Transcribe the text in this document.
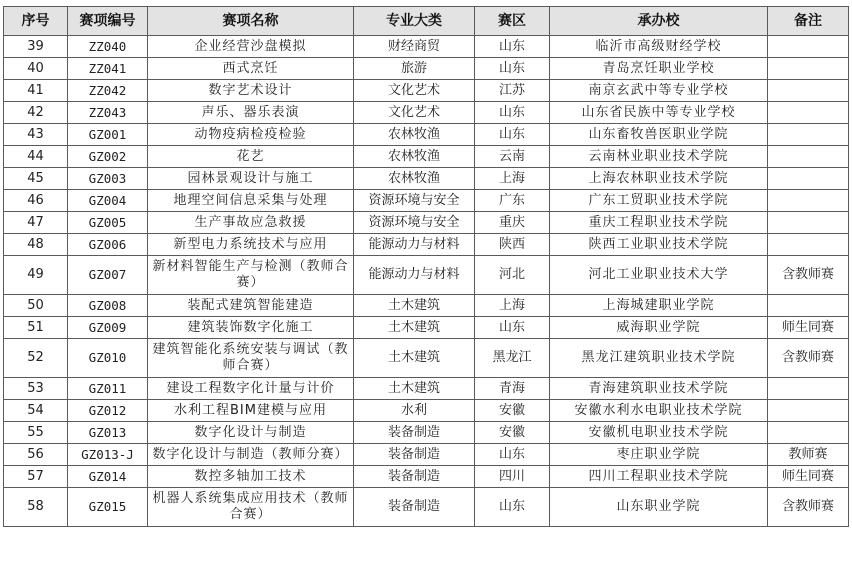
序号	赛项编号	赛项名称	专业大类	赛区	承办校	备注
39	ZZ040	企业经营沙盘模拟	财经商贸	山东	临沂市高级财经学校	
40	ZZ041	西式烹饪	旅游	山东	青岛烹饪职业学校	
41	ZZ042	数字艺术设计	文化艺术	江苏	南京玄武中等专业学校	
42	ZZ043	声乐、器乐表演	文化艺术	山东	山东省民族中等专业学校	
43	GZ001	动物疫病检疫检验	农林牧渔	山东	山东畜牧兽医职业学院	
44	GZ002	花艺	农林牧渔	云南	云南林业职业技术学院	
45	GZ003	园林景观设计与施工	农林牧渔	上海	上海农林职业技术学院	
46	GZ004	地理空间信息采集与处理	资源环境与安全	广东	广东工贸职业技术学院	
47	GZ005	生产事故应急救援	资源环境与安全	重庆	重庆工程职业技术学院	
48	GZ006	新型电力系统技术与应用	能源动力与材料	陕西	陕西工业职业技术学院	
49	GZ007	新材料智能生产与检测（教师合赛）	能源动力与材料	河北	河北工业职业技术大学	含教师赛
50	GZ008	装配式建筑智能建造	土木建筑	上海	上海城建职业学院	
51	GZ009	建筑装饰数字化施工	土木建筑	山东	威海职业学院	师生同赛
52	GZ010	建筑智能化系统安装与调试（教师合赛）	土木建筑	黑龙江	黑龙江建筑职业技术学院	含教师赛
53	GZ011	建设工程数字化计量与计价	土木建筑	青海	青海建筑职业技术学院	
54	GZ012	水利工程BIM建模与应用	水利	安徽	安徽水利水电职业技术学院	
55	GZ013	数字化设计与制造	装备制造	安徽	安徽机电职业技术学院	
56	GZ013-J	数字化设计与制造（教师分赛）	装备制造	山东	枣庄职业学院	教师赛
57	GZ014	数控多轴加工技术	装备制造	四川	四川工程职业技术学院	师生同赛
58	GZ015	机器人系统集成应用技术（教师合赛）	装备制造	山东	山东职业学院	含教师赛
